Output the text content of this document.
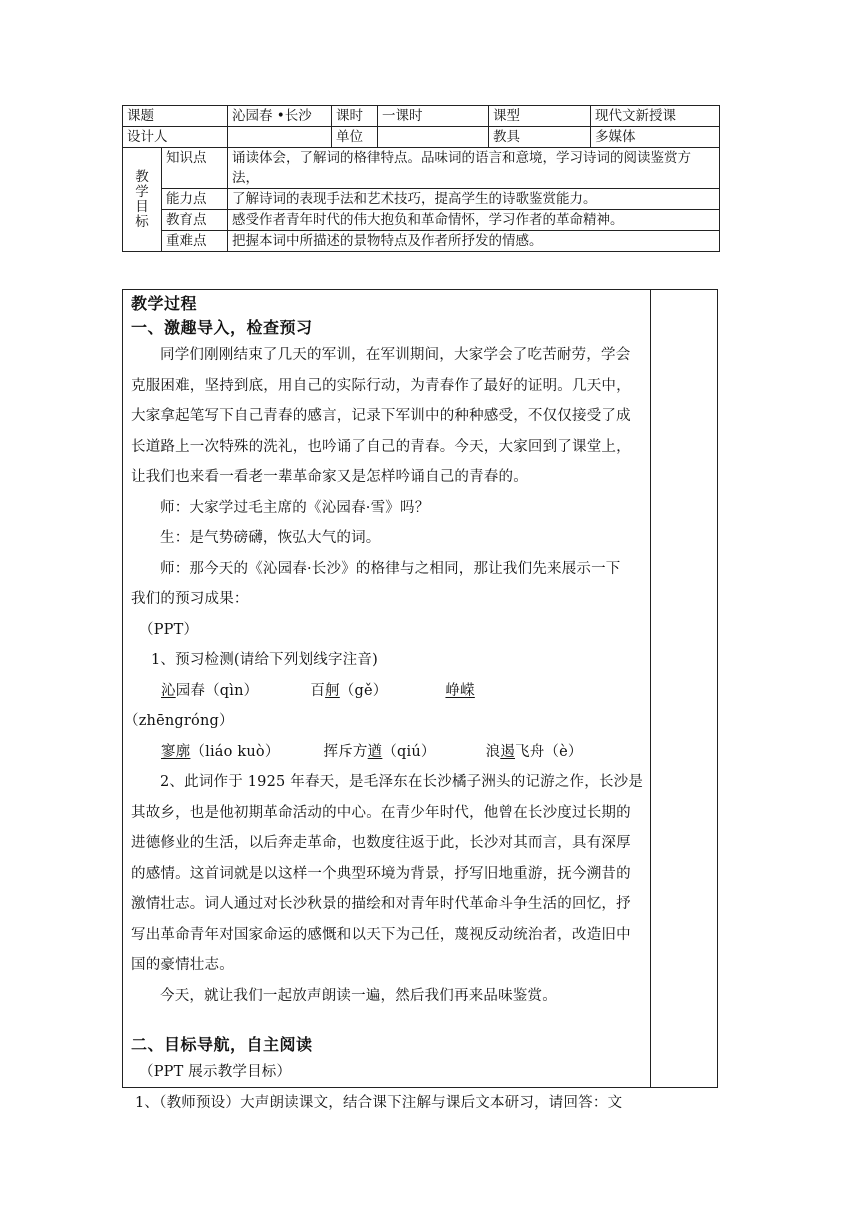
课题		沁园春 •长沙	课时	一课时	课型	现代文新授课
设计人			单位		教具	多媒体

教
学
目
标	知识点	诵读体会，了解词的格律特点。品味词的语言和意境，学习诗词的阅读鉴赏方法，				
	能力点	了解诗词的表现手法和艺术技巧，提高学生的诗歌鉴赏能力。				
	教育点	感受作者青年时代的伟大抱负和革命情怀，学习作者的革命精神。				
	重难点	把握本词中所描述的景物特点及作者所抒发的情感。				
教学过程
一、激趣导入，检查预习

同学们刚刚结束了几天的军训，在军训期间，大家学会了吃苦耐劳，学会

克服困难，坚持到底，用自己的实际行动，为青春作了最好的证明。几天中，

大家拿起笔写下自己青春的感言，记录下军训中的种种感受，不仅仅接受了成

长道路上一次特殊的洗礼，也吟诵了自己的青春。今天，大家回到了课堂上，

让我们也来看一看老一辈革命家又是怎样吟诵自己的青春的。

师：大家学过毛主席的《沁园春·雪》吗？

生：是气势磅礴，恢弘大气的词。

师：那今天的《沁园春·长沙》的格律与之相同，那让我们先来展示一下

我们的预习成果：

（PPT）

1、预习检测(请给下列划线字注音)

沁园春（qìn）	百舸（gě）	峥嵘

（zhēngróng）

寥廓（liáo kuò）	挥斥方遒（qiú）	浪遏飞舟（è）

2、此词作于 1925 年春天，是毛泽东在长沙橘子洲头的记游之作，长沙是

其故乡，也是他初期革命活动的中心。在青少年时代，他曾在长沙度过长期的

进德修业的生活，以后奔走革命，也数度往返于此，长沙对其而言，具有深厚

的感情。这首词就是以这样一个典型环境为背景，抒写旧地重游，抚今溯昔的

激情壮志。词人通过对长沙秋景的描绘和对青年时代革命斗争生活的回忆，抒

写出革命青年对国家命运的感慨和以天下为己任，蔑视反动统治者，改造旧中

国的豪情壮志。

今天，就让我们一起放声朗读一遍，然后我们再来品味鉴赏。

二、目标导航，自主阅读

（PPT 展示教学目标）

1、（教师预设）大声朗读课文，结合课下注解与课后文本研习，请回答：文
